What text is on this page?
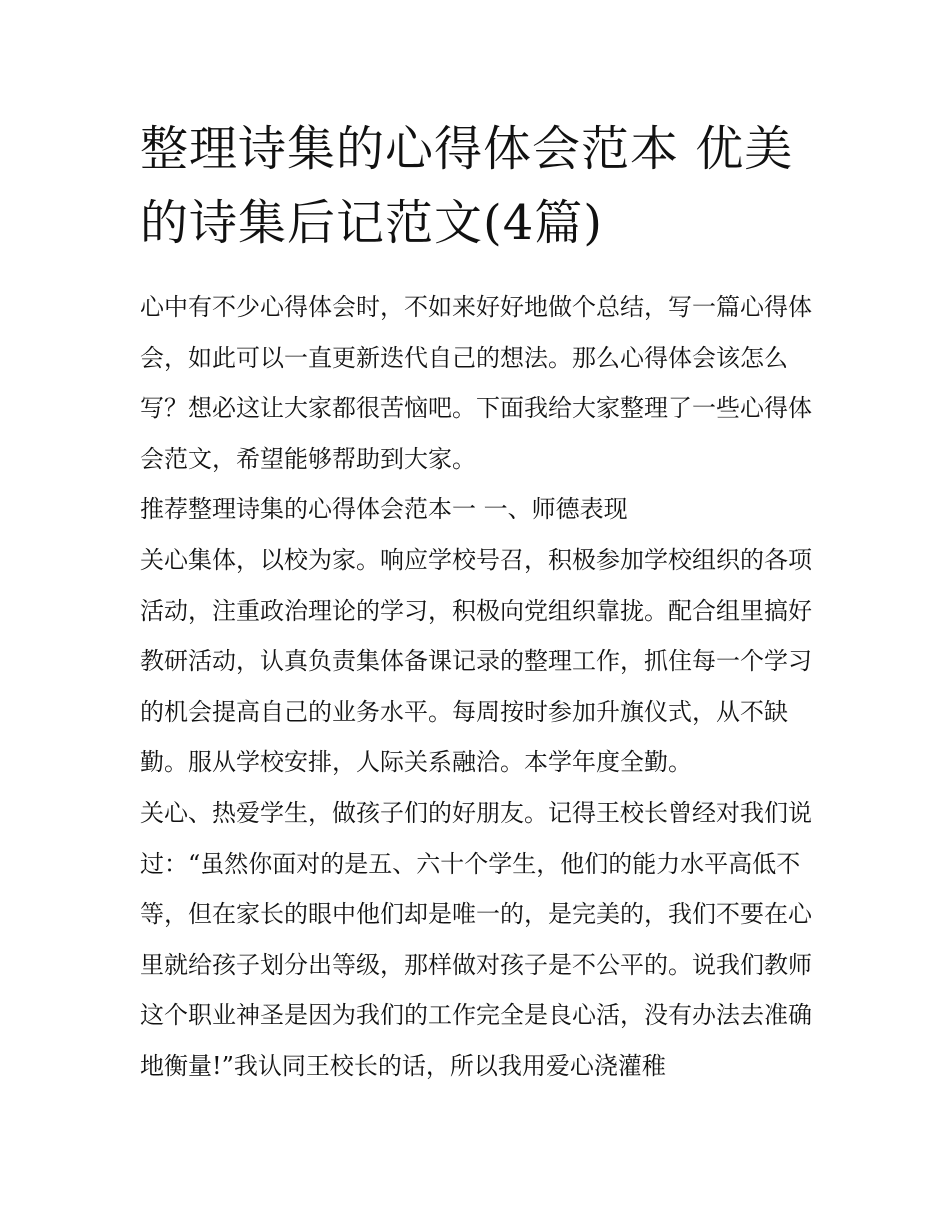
整理诗集的心得体会范本 优美的诗集后记范文(4篇)

心中有不少心得体会时，不如来好好地做个总结，写一篇心得体会，如此可以一直更新迭代自己的想法。那么心得体会该怎么写？想必这让大家都很苦恼吧。下面我给大家整理了一些心得体会范文，希望能够帮助到大家。

推荐整理诗集的心得体会范本一 一、师德表现

关心集体，以校为家。响应学校号召，积极参加学校组织的各项活动，注重政治理论的学习，积极向党组织靠拢。配合组里搞好教研活动，认真负责集体备课记录的整理工作，抓住每一个学习的机会提高自己的业务水平。每周按时参加升旗仪式，从不缺勤。服从学校安排，人际关系融洽。本学年度全勤。

关心、热爱学生，做孩子们的好朋友。记得王校长曾经对我们说过：“虽然你面对的是五、六十个学生，他们的能力水平高低不等，但在家长的眼中他们却是唯一的，是完美的，我们不要在心里就给孩子划分出等级，那样做对孩子是不公平的。说我们教师这个职业神圣是因为我们的工作完全是良心活，没有办法去准确地衡量!”我认同王校长的话，所以我用爱心浇灌稚
